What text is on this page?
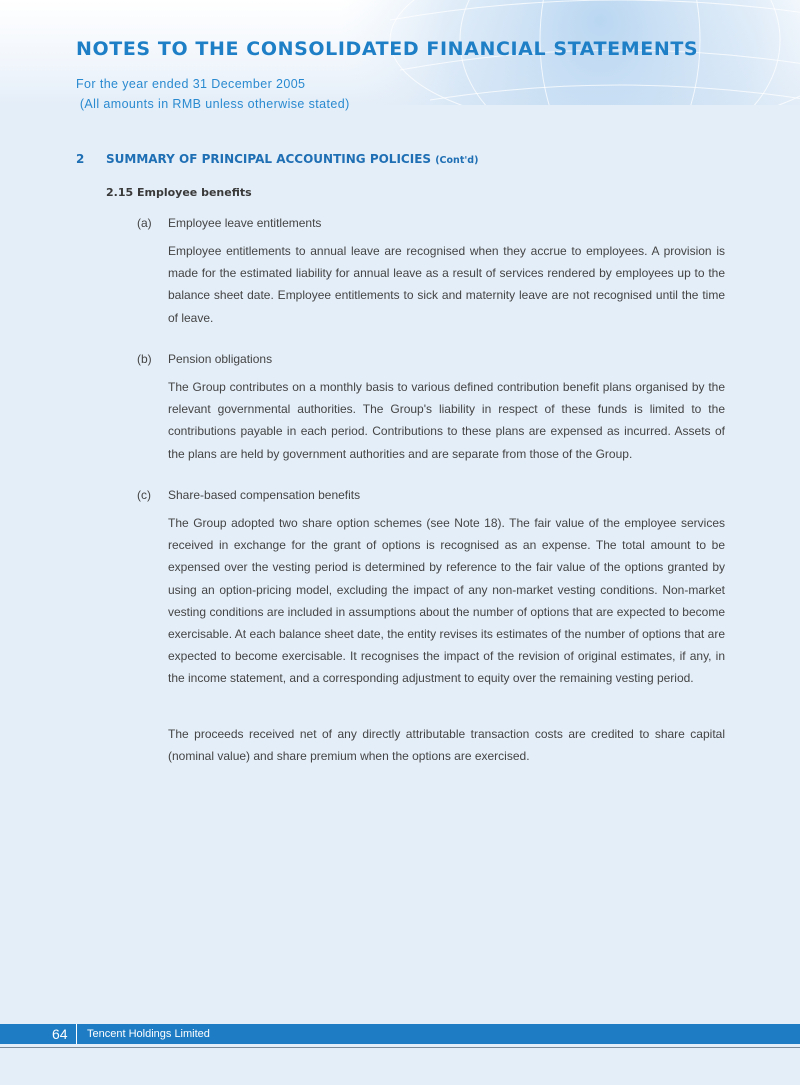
NOTES TO THE CONSOLIDATED FINANCIAL STATEMENTS
For the year ended 31 December 2005
(All amounts in RMB unless otherwise stated)
2 SUMMARY OF PRINCIPAL ACCOUNTING POLICIES (Cont'd)
2.15 Employee benefits
(a) Employee leave entitlements

Employee entitlements to annual leave are recognised when they accrue to employees. A provision is made for the estimated liability for annual leave as a result of services rendered by employees up to the balance sheet date. Employee entitlements to sick and maternity leave are not recognised until the time of leave.

(b) Pension obligations

The Group contributes on a monthly basis to various defined contribution benefit plans organised by the relevant governmental authorities. The Group's liability in respect of these funds is limited to the contributions payable in each period. Contributions to these plans are expensed as incurred. Assets of the plans are held by government authorities and are separate from those of the Group.

(c) Share-based compensation benefits

The Group adopted two share option schemes (see Note 18). The fair value of the employee services received in exchange for the grant of options is recognised as an expense. The total amount to be expensed over the vesting period is determined by reference to the fair value of the options granted by using an option-pricing model, excluding the impact of any non-market vesting conditions. Non-market vesting conditions are included in assumptions about the number of options that are expected to become exercisable. At each balance sheet date, the entity revises its estimates of the number of options that are expected to become exercisable. It recognises the impact of the revision of original estimates, if any, in the income statement, and a corresponding adjustment to equity over the remaining vesting period.

The proceeds received net of any directly attributable transaction costs are credited to share capital (nominal value) and share premium when the options are exercised.

64 Tencent Holdings Limited
